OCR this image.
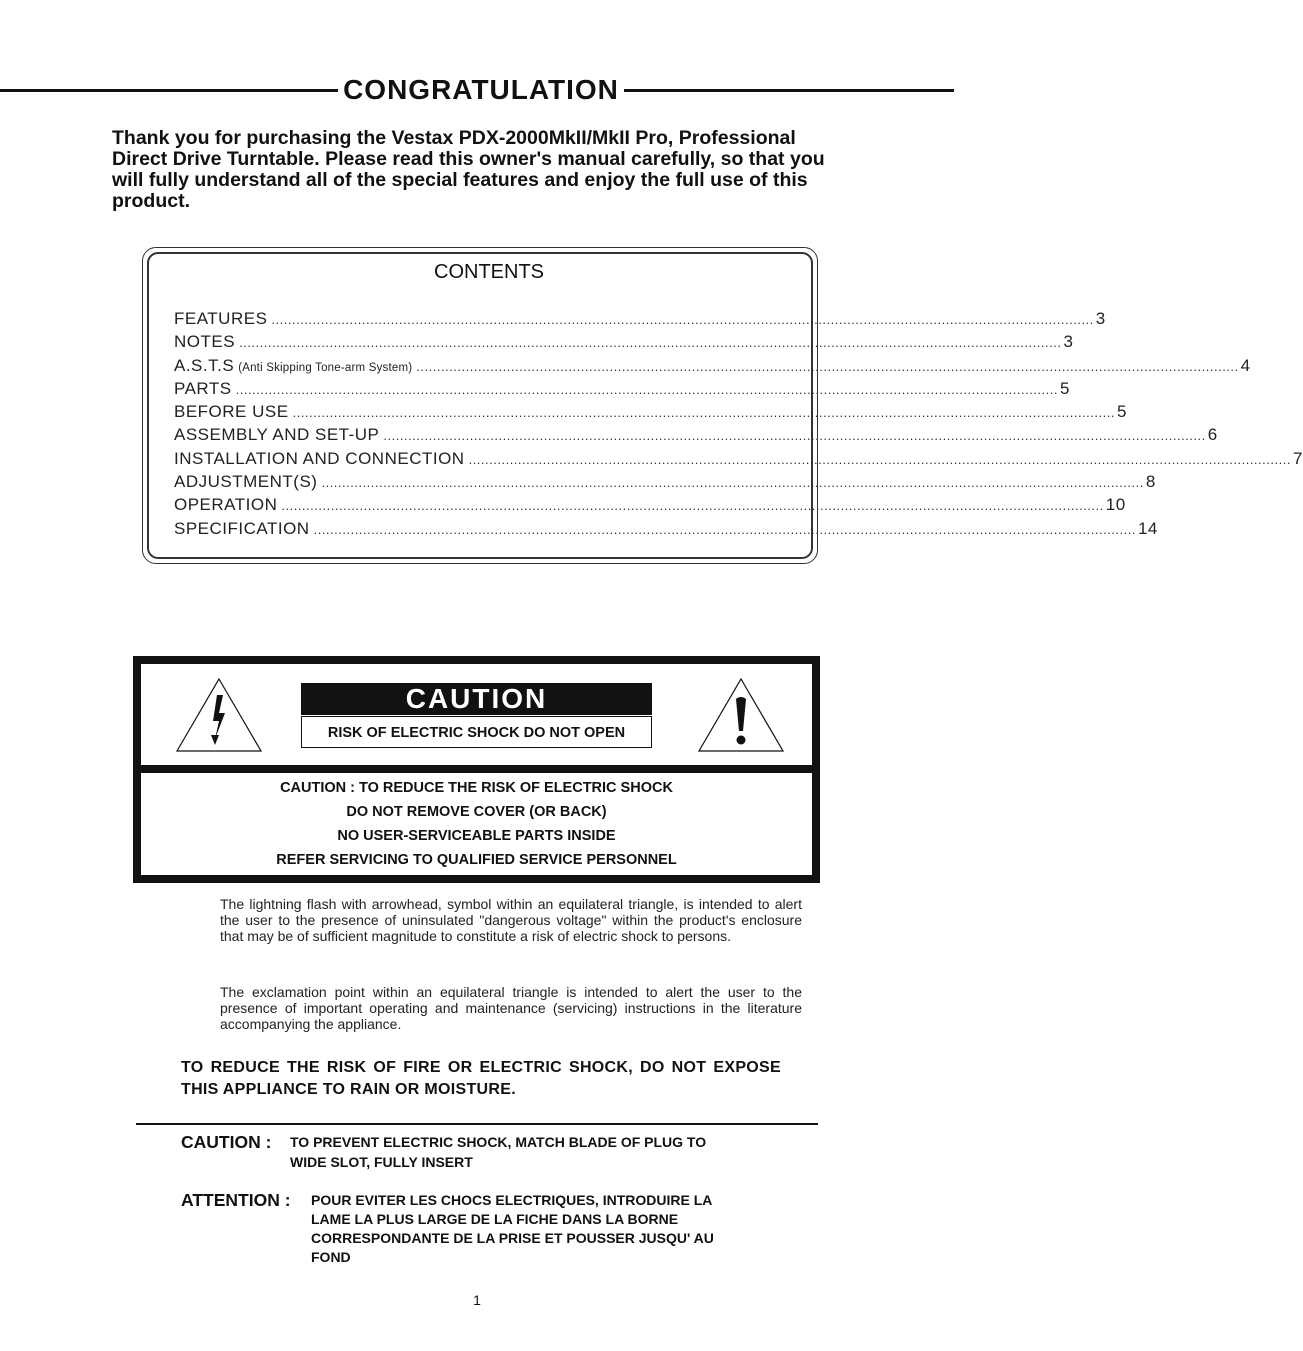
CONGRATULATION
Thank you for purchasing the Vestax PDX-2000MkII/MkII Pro, Professional Direct Drive Turntable. Please read this owner's manual carefully, so that you will fully understand all of the special features and enjoy the full use of this product.
CONTENTS
FEATURES ........................................................................................................................................................................................................ 3
NOTES ........................................................................................................................................................................................................ 3
A.S.T.S (Anti Skipping Tone-arm System) ........................................................................................................................................................................................................ 4
PARTS ........................................................................................................................................................................................................ 5
BEFORE USE ........................................................................................................................................................................................................ 5
ASSEMBLY AND SET-UP ........................................................................................................................................................................................................ 6
INSTALLATION AND CONNECTION ........................................................................................................................................................................................................ 7
ADJUSTMENT(S) ........................................................................................................................................................................................................ 8
OPERATION ........................................................................................................................................................................................................ 10
SPECIFICATION ........................................................................................................................................................................................................ 14
CAUTION
RISK OF ELECTRIC SHOCK DO NOT OPEN
CAUTION : TO REDUCE THE RISK OF ELECTRIC SHOCK
DO NOT REMOVE COVER (OR BACK)
NO USER-SERVICEABLE PARTS INSIDE
REFER SERVICING TO QUALIFIED SERVICE PERSONNEL
The lightning flash with arrowhead, symbol within an equilateral triangle, is intended to alert the user to the presence of uninsulated "dangerous voltage" within the product's enclosure that may be of sufficient magnitude to constitute a risk of electric shock to persons.
The exclamation point within an equilateral triangle is intended to alert the user to the presence of important operating and maintenance (servicing) instructions in the literature accompanying the appliance.
TO REDUCE THE RISK OF FIRE OR ELECTRIC SHOCK, DO NOT EXPOSE THIS APPLIANCE TO RAIN OR MOISTURE.
CAUTION : TO PREVENT ELECTRIC SHOCK, MATCH BLADE OF PLUG TO
WIDE SLOT, FULLY INSERT
ATTENTION : POUR EVITER LES CHOCS ELECTRIQUES, INTRODUIRE LA
LAME LA PLUS LARGE DE LA FICHE DANS LA BORNE
CORRESPONDANTE DE LA PRISE ET POUSSER JUSQU' AU
FOND
1
